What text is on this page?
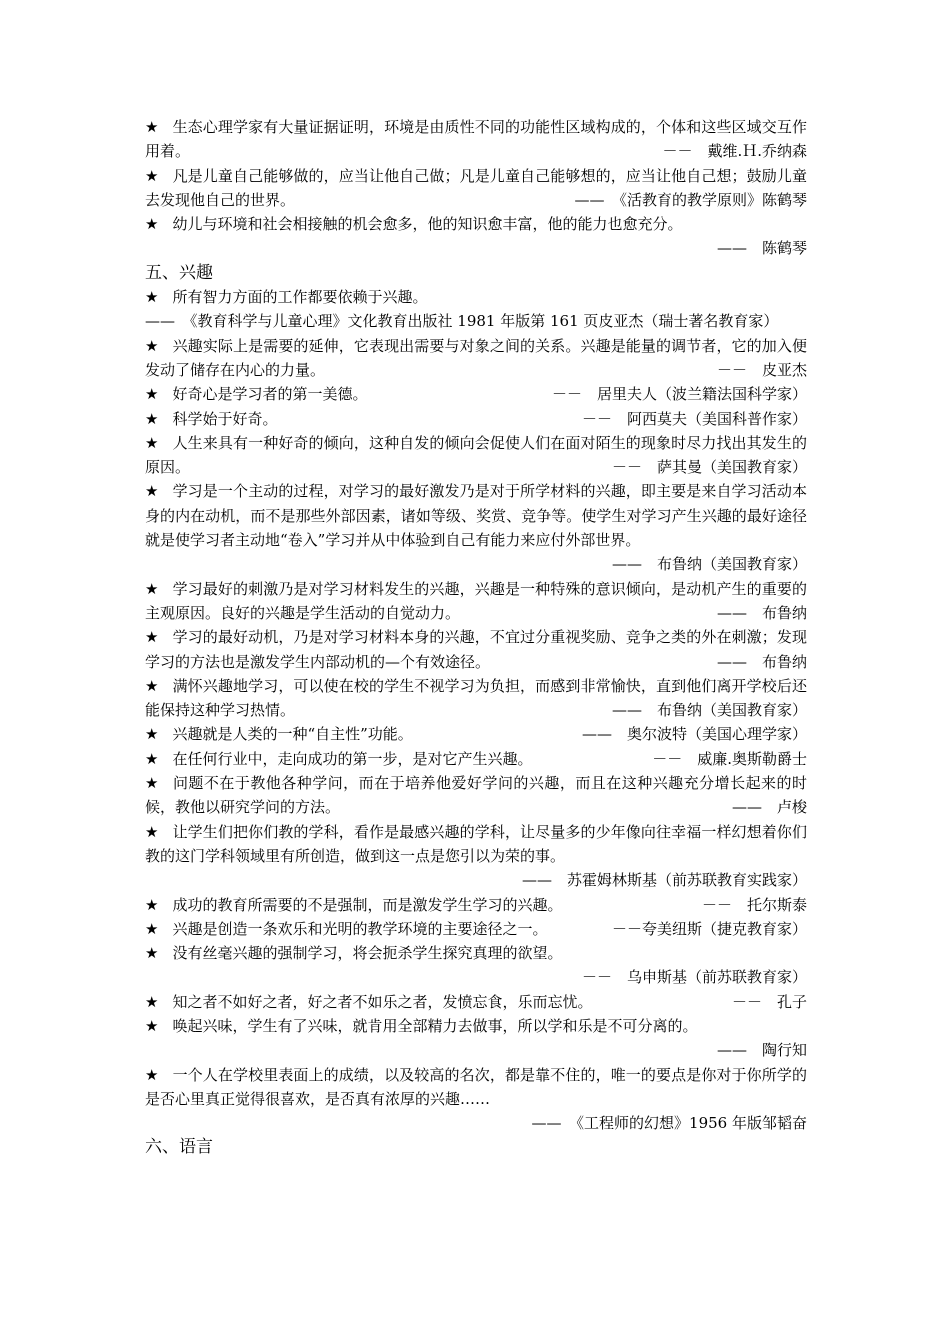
★ 生态心理学家有大量证据证明，环境是由质性不同的功能性区域构成的，个体和这些区域交互作用着。	－－　戴维.Ｈ.乔纳森
★ 凡是儿童自己能够做的，应当让他自己做；凡是儿童自己能够想的，应当让他自己想；鼓励儿童去发现他自己的世界。	——　《活教育的教学原则》陈鹤琴
★ 幼儿与环境和社会相接触的机会愈多，他的知识愈丰富，他的能力也愈充分。
——　陈鹤琴
五、兴趣
★ 所有智力方面的工作都要依赖于兴趣。
——　《教育科学与儿童心理》文化教育出版社 1981 年版第 161 页皮亚杰（瑞士著名教育家）
★ 兴趣实际上是需要的延伸，它表现出需要与对象之间的关系。兴趣是能量的调节者，它的加入便发动了储存在内心的力量。	－－　皮亚杰
★ 好奇心是学习者的第一美德。	－－　居里夫人（波兰籍法国科学家）
★ 科学始于好奇。	－－　阿西莫夫（美国科普作家）
★ 人生来具有一种好奇的倾向，这种自发的倾向会促使人们在面对陌生的现象时尽力找出其发生的原因。	－－　萨其曼（美国教育家）
★ 学习是一个主动的过程，对学习的最好激发乃是对于所学材料的兴趣，即主要是来自学习活动本身的内在动机，而不是那些外部因素，诸如等级、奖赏、竞争等。使学生对学习产生兴趣的最好途径就是使学习者主动地“卷入”学习并从中体验到自己有能力来应付外部世界。
——　布鲁纳（美国教育家）
★ 学习最好的刺激乃是对学习材料发生的兴趣，兴趣是一种特殊的意识倾向，是动机产生的重要的主观原因。良好的兴趣是学生活动的自觉动力。	——　布鲁纳
★ 学习的最好动机，乃是对学习材料本身的兴趣，不宜过分重视奖励、竞争之类的外在刺激；发现学习的方法也是激发学生内部动机的—个有效途径。	——　布鲁纳
★ 满怀兴趣地学习，可以使在校的学生不视学习为负担，而感到非常愉快，直到他们离开学校后还能保持这种学习热情。	——　布鲁纳（美国教育家）
★ 兴趣就是人类的一种“自主性”功能。	——　奥尔波特（美国心理学家）
★ 在任何行业中，走向成功的第一步，是对它产生兴趣。	－－　威廉.奥斯勒爵士
★ 问题不在于教他各种学问，而在于培养他爱好学问的兴趣，而且在这种兴趣充分增长起来的时候，教他以研究学问的方法。	——　卢梭
★ 让学生们把你们教的学科，看作是最感兴趣的学科，让尽量多的少年像向往幸福一样幻想着你们教的这门学科领域里有所创造，做到这一点是您引以为荣的事。
——　苏霍姆林斯基（前苏联教育实践家）
★ 成功的教育所需要的不是强制，而是激发学生学习的兴趣。	－－　托尔斯泰
★ 兴趣是创造一条欢乐和光明的教学环境的主要途径之一。	－－夸美纽斯（捷克教育家）
★ 没有丝毫兴趣的强制学习，将会扼杀学生探究真理的欲望。
－－　乌申斯基（前苏联教育家）
★ 知之者不如好之者，好之者不如乐之者，发愤忘食，乐而忘忧。	－－　孔子
★ 唤起兴味，学生有了兴味，就肯用全部精力去做事，所以学和乐是不可分离的。
——　陶行知
★ 一个人在学校里表面上的成绩，以及较高的名次，都是靠不住的，唯一的要点是你对于你所学的是否心里真正觉得很喜欢，是否真有浓厚的兴趣……
——　《工程师的幻想》1956 年版邹韬奋
六、语言
